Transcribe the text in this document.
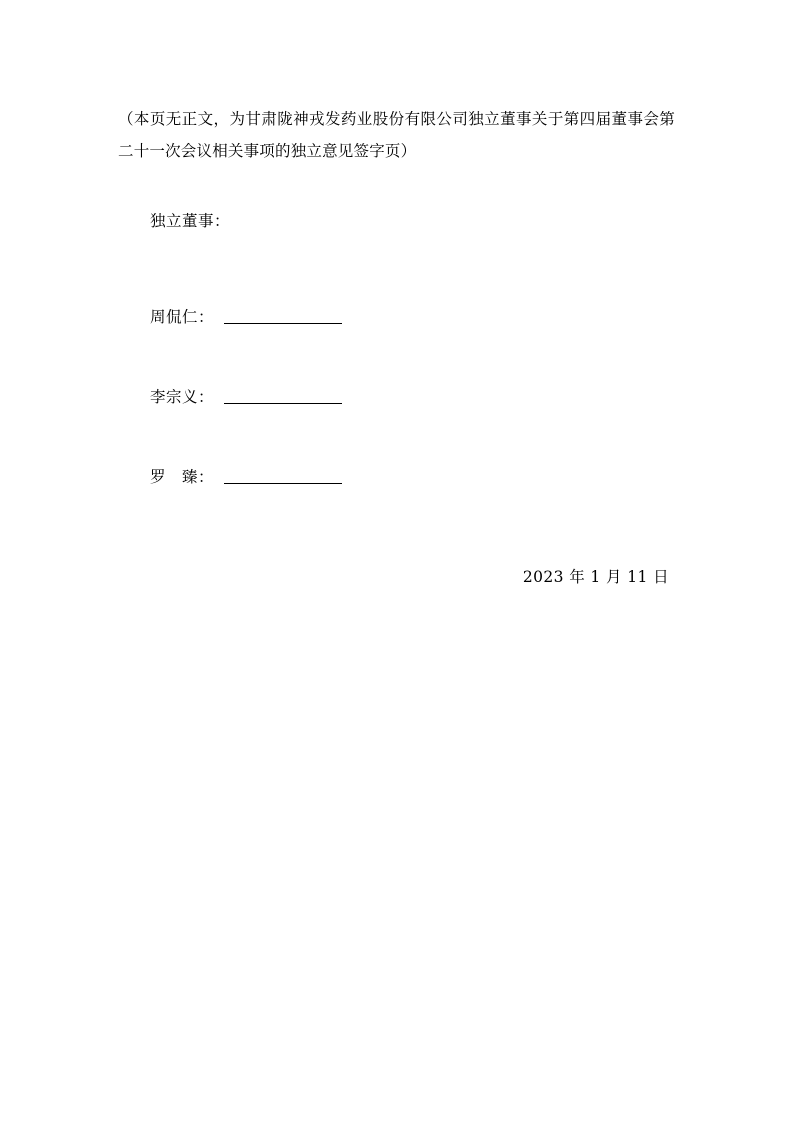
（本页无正文，为甘肃陇神戎发药业股份有限公司独立董事关于第四届董事会第二十一次会议相关事项的独立意见签字页）

独立董事：

周侃仁：
李宗义：
罗　臻：

2023 年 1 月 11 日
